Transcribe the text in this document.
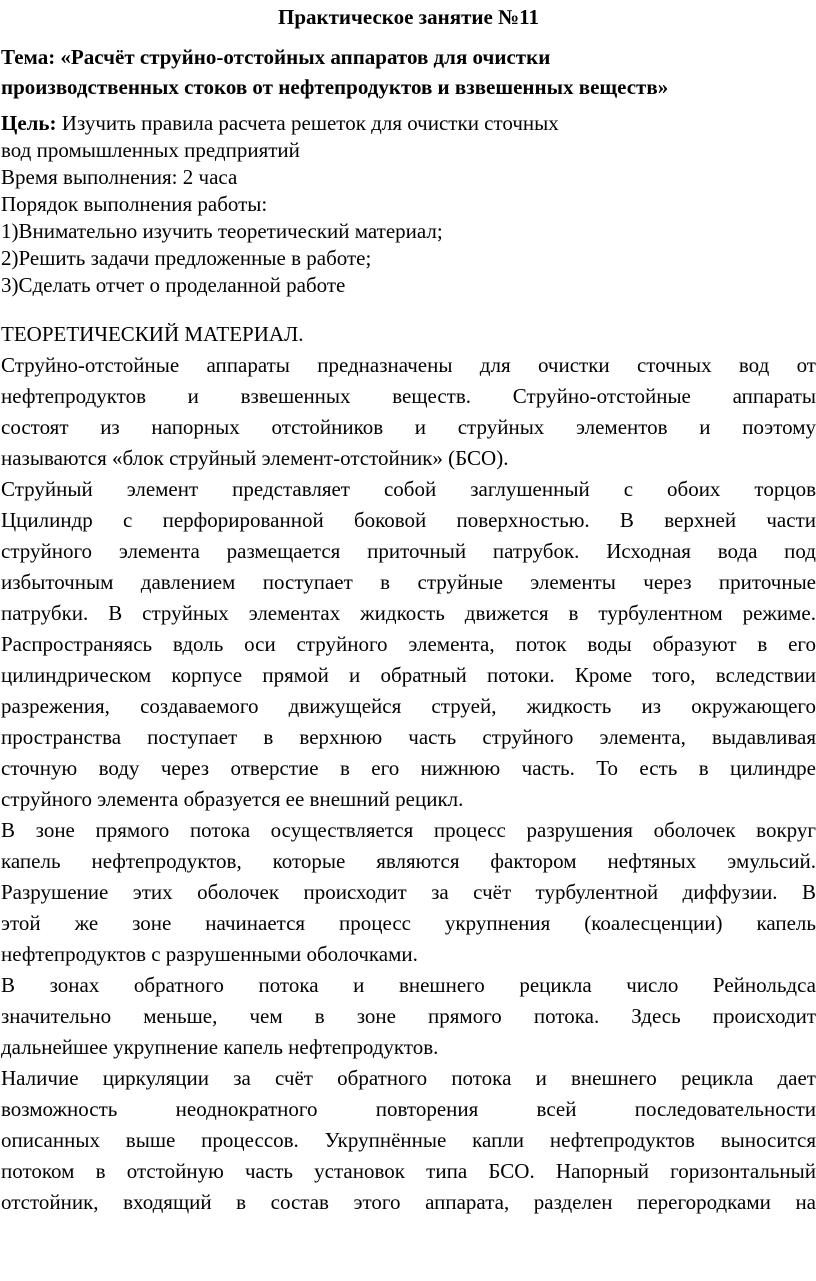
Практическое занятие №11
Тема: «Расчёт струйно-отстойных аппаратов для очистки
производственных стоков от нефтепродуктов и взвешенных веществ»
Цель: Изучить правила расчета решеток для очистки сточных
вод промышленных предприятий
Время выполнения: 2 часа
Порядок выполнения работы:
1)Внимательно изучить теоретический материал;
2)Решить задачи предложенные в работе;
3)Сделать отчет о проделанной работе
ТЕОРЕТИЧЕСКИЙ МАТЕРИАЛ.

Струйно-отстойные аппараты предназначены для очистки сточных вод от
нефтепродуктов и взвешенных веществ. Струйно-отстойные аппараты
состоят из напорных отстойников и струйных элементов и поэтому
называются «блок струйный элемент-отстойник» (БСО).

Струйный элемент представляет собой заглушенный с обоих торцов
Ццилиндр с перфорированной боковой поверхностью. В верхней части
струйного элемента размещается приточный патрубок. Исходная вода под
избыточным давлением поступает в струйные элементы через приточные
патрубки. В струйных элементах жидкость движется в турбулентном режиме.
Распространяясь вдоль оси струйного элемента, поток воды образуют в его
цилиндрическом корпусе прямой и обратный потоки. Кроме того, вследствии
разрежения, создаваемого движущейся струей, жидкость из окружающего
пространства поступает в верхнюю часть струйного элемента, выдавливая
сточную воду через отверстие в его нижнюю часть. То есть в цилиндре
струйного элемента образуется ее внешний рецикл.

В зоне прямого потока осуществляется процесс разрушения оболочек вокруг
капель нефтепродуктов, которые являются фактором нефтяных эмульсий.
Разрушение этих оболочек происходит за счёт турбулентной диффузии. В
этой же зоне начинается процесс укрупнения (коалесценции) капель
нефтепродуктов с разрушенными оболочками.

В зонах обратного потока и внешнего рецикла число Рейнольдса
значительно меньше, чем в зоне прямого потока. Здесь происходит
дальнейшее укрупнение капель нефтепродуктов.

Наличие циркуляции за счёт обратного потока и внешнего рецикла дает
возможность неоднократного повторения всей последовательности
описанных выше процессов. Укрупнённые капли нефтепродуктов выносится
потоком в отстойную часть установок типа БСО. Напорный горизонтальный
отстойник, входящий в состав этого аппарата, разделен перегородками на
